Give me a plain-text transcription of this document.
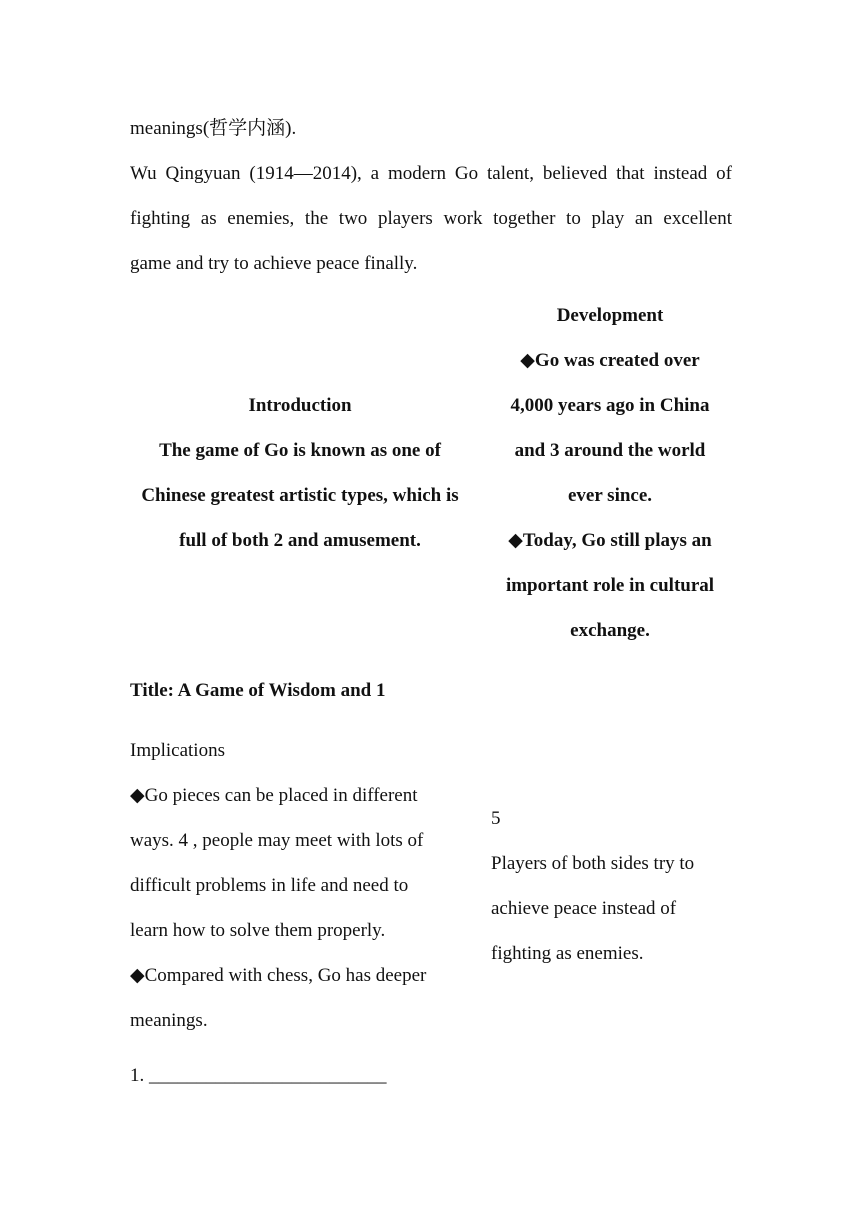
meanings(哲学内涵).
Wu Qingyuan (1914—2014), a modern Go talent, believed that instead of
fighting as enemies, the two players work together to play an excellent
game and try to achieve peace finally.
Introduction
The game of Go is known as one of
Chinese greatest artistic types, which is
full of both 2 and amusement.
Development
◆Go was created over
4,000 years ago in China
and 3 around the world
ever since.
◆Today, Go still plays an
important role in cultural
exchange.
Title: A Game of Wisdom and 1
Implications
◆Go pieces can be placed in different
ways. 4 , people may meet with lots of
difficult problems in life and need to
learn how to solve them properly.
◆Compared with chess, Go has deeper
meanings.
5
Players of both sides try to
achieve peace instead of
fighting as enemies.
1. _________________________
